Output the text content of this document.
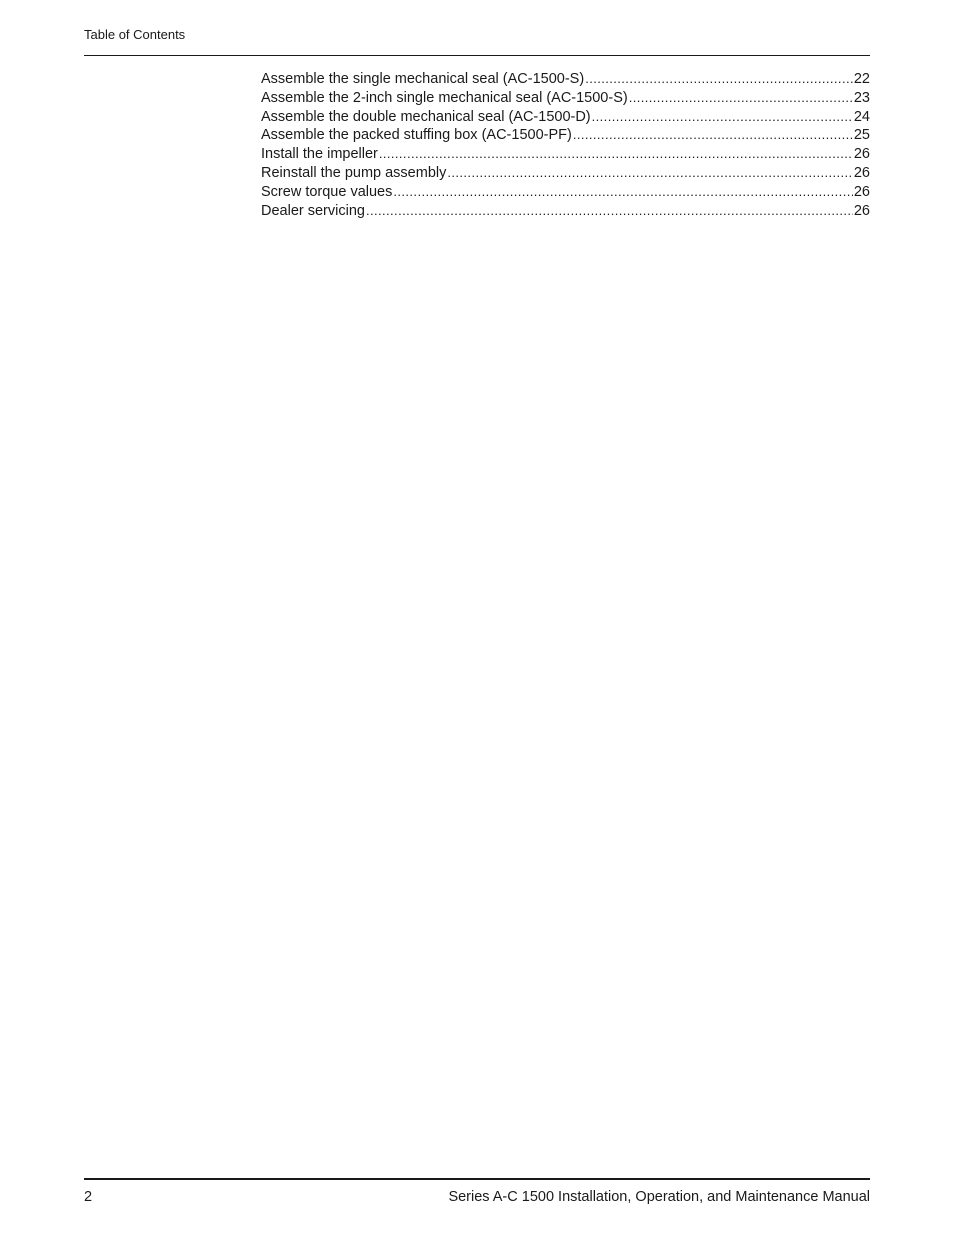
Table of Contents
Assemble the single mechanical seal (AC-1500-S) .....	22
Assemble the 2-inch single mechanical seal (AC-1500-S) .....	23
Assemble the double mechanical seal (AC-1500-D) .....	24
Assemble the packed stuffing box (AC-1500-PF) .....	25
Install the impeller .....	26
Reinstall the pump assembly .....	26
Screw torque values .....	26
Dealer servicing .....	26
2	Series A-C 1500 Installation, Operation, and Maintenance Manual
